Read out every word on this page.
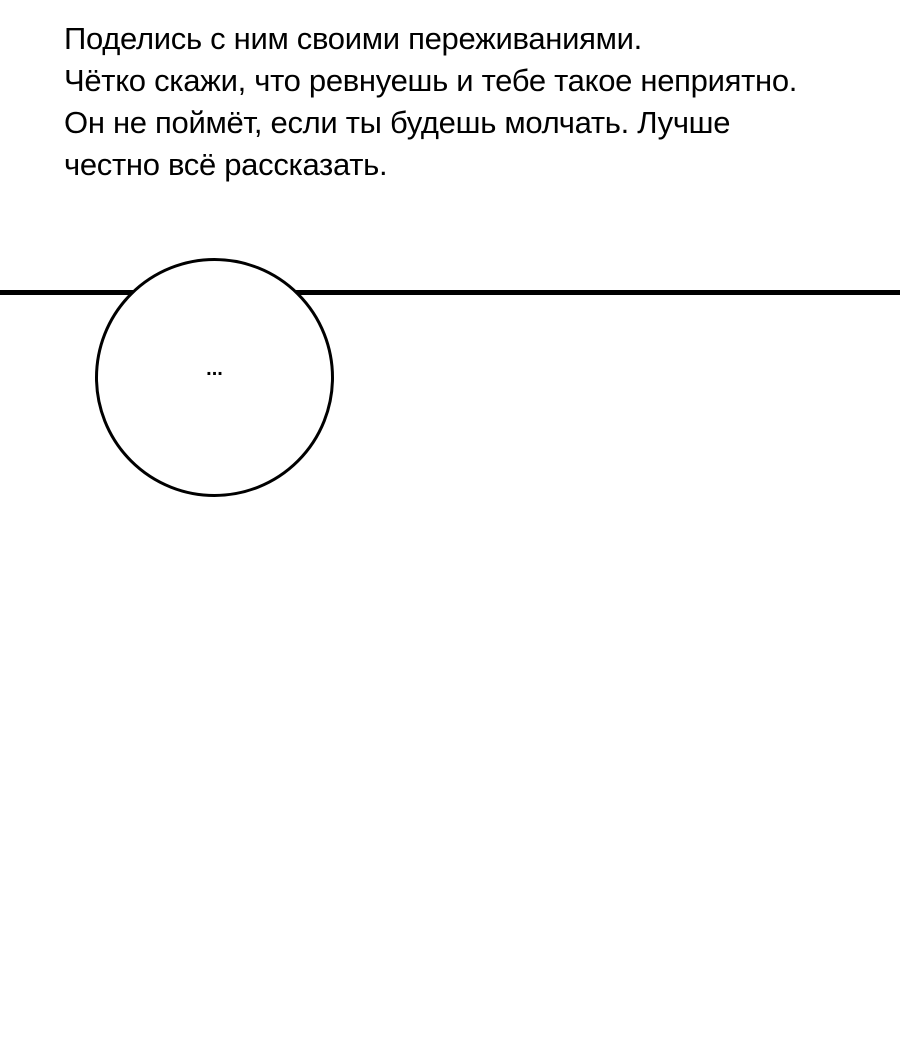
Поделись с ним своими переживаниями.
Чётко скажи, что ревнуешь и тебе такое неприятно.
Он не поймёт, если ты будешь молчать. Лучше
честно всё рассказать.
...
